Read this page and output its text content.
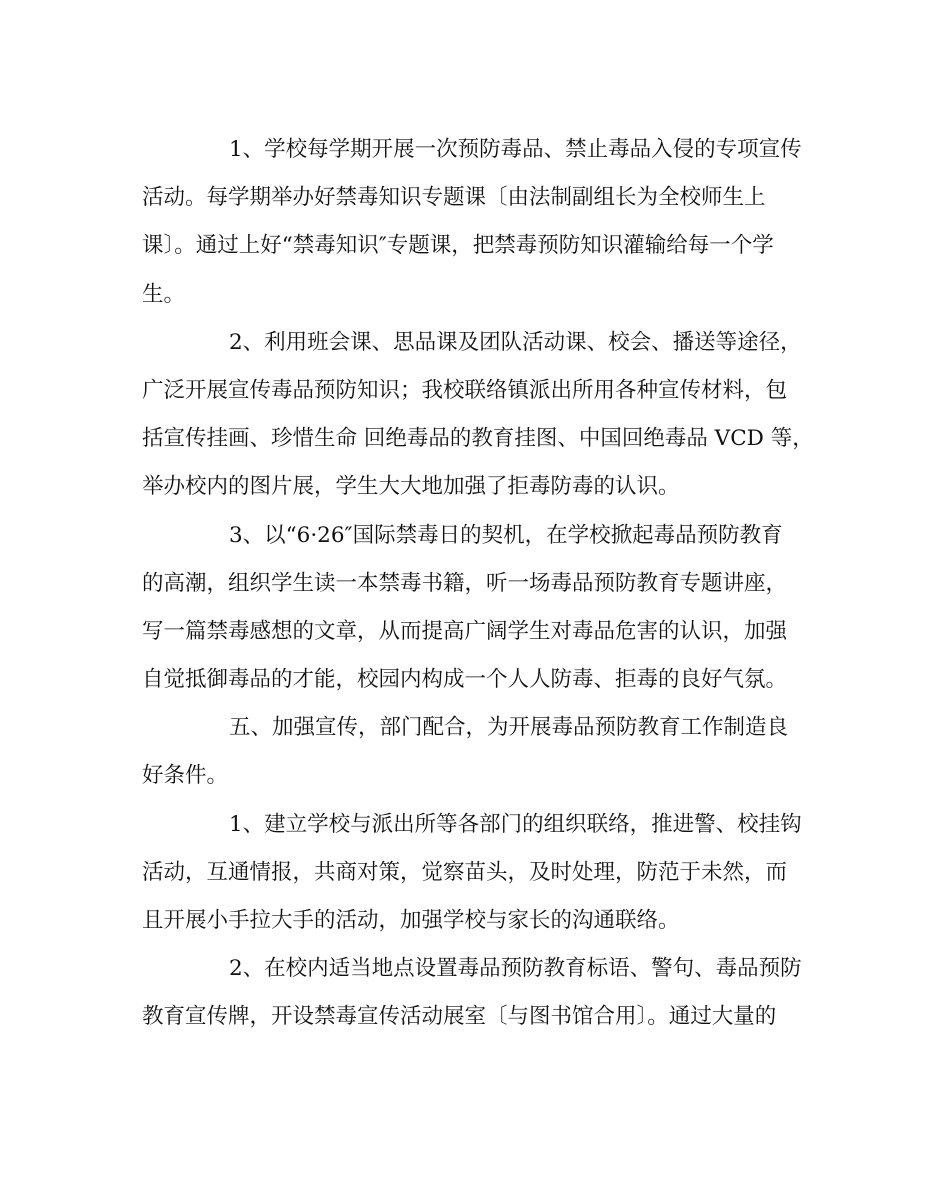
1、学校每学期开展一次预防毒品、禁止毒品入侵的专项宣传
活动。每学期举办好禁毒知识专题课〔由法制副组长为全校师生上
课〕。通过上好“禁毒知识″专题课，把禁毒预防知识灌输给每一个学
生。
2、利用班会课、思品课及团队活动课、校会、播送等途径，
广泛开展宣传毒品预防知识；我校联络镇派出所用各种宣传材料，包
括宣传挂画、珍惜生命 回绝毒品的教育挂图、中国回绝毒品 VCD 等，
举办校内的图片展，学生大大地加强了拒毒防毒的认识。
3、以“6·26″国际禁毒日的契机，在学校掀起毒品预防教育
的高潮，组织学生读一本禁毒书籍，听一场毒品预防教育专题讲座，
写一篇禁毒感想的文章，从而提高广阔学生对毒品危害的认识，加强
自觉抵御毒品的才能，校园内构成一个人人防毒、拒毒的良好气氛。
五、加强宣传，部门配合，为开展毒品预防教育工作制造良
好条件。
1、建立学校与派出所等各部门的组织联络，推进警、校挂钩
活动，互通情报，共商对策，觉察苗头，及时处理，防范于未然，而
且开展小手拉大手的活动，加强学校与家长的沟通联络。
2、在校内适当地点设置毒品预防教育标语、警句、毒品预防
教育宣传牌，开设禁毒宣传活动展室〔与图书馆合用〕。通过大量的
